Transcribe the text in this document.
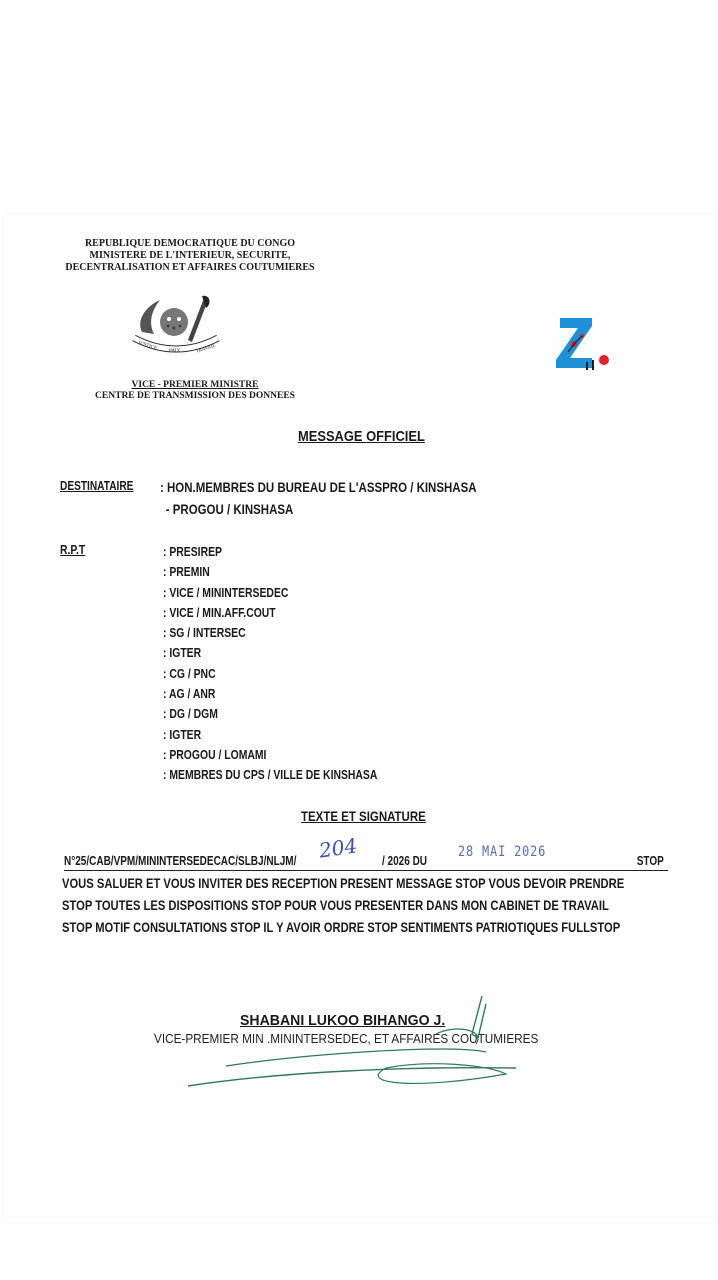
REPUBLIQUE DEMOCRATIQUE DU CONGO
MINISTERE DE L'INTERIEUR, SECURITE,
DECENTRALISATION ET AFFAIRES COUTUMIERES
JUSTICE PAIX	TRAVAIL
VICE - PREMIER MINISTRE
CENTRE DE TRANSMISSION DES DONNEES
MESSAGE OFFICIEL
DESTINATAIRE : HON.MEMBRES DU BUREAU DE L'ASSPRO / KINSHASA
- PROGOU / KINSHASA
R.P.T	: PRESIREP
: PREMIN
: VICE / MININTERSEDEC
: VICE / MIN.AFF.COUT
: SG / INTERSEC
: IGTER
: CG / PNC
: AG / ANR
: DG / DGM
: IGTER
: PROGOU / LOMAMI
: MEMBRES DU CPS / VILLE DE KINSHASA
TEXTE ET SIGNATURE
N°25/CAB/VPM/MININTERSEDECAC/SLBJ/NLJM/ 204 / 2026 DU
28 MAI 2026
STOP
VOUS SALUER ET VOUS INVITER DES RECEPTION PRESENT MESSAGE STOP VOUS DEVOIR PRENDRE
STOP TOUTES LES DISPOSITIONS STOP POUR VOUS PRESENTER DANS MON CABINET DE TRAVAIL
STOP MOTIF CONSULTATIONS STOP IL Y AVOIR ORDRE STOP SENTIMENTS PATRIOTIQUES FULLSTOP
SHABANI LUKOO BIHANGO J.
VICE-PREMIER MIN .MININTERSEDEC, ET AFFAIRES COUTUMIERES
